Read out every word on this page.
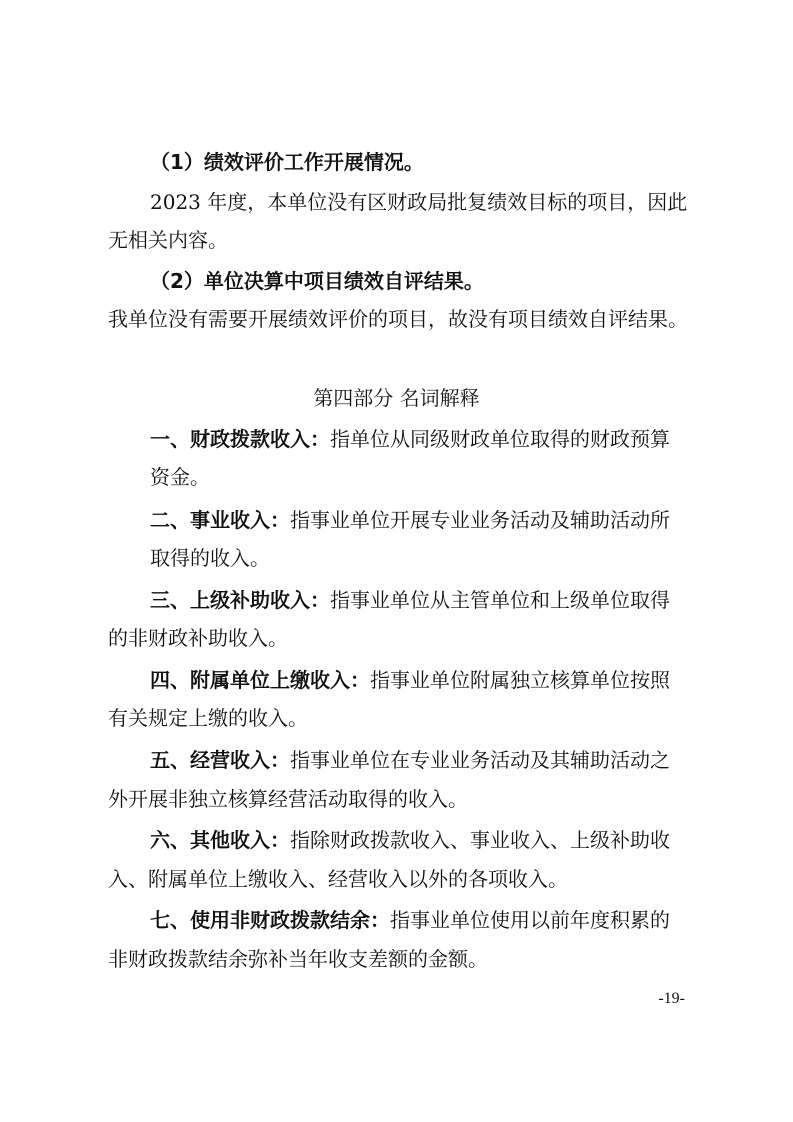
（1）绩效评价工作开展情况。
2023 年度，本单位没有区财政局批复绩效目标的项目，因此
无相关内容。
（2）单位决算中项目绩效自评结果。
我单位没有需要开展绩效评价的项目，故没有项目绩效自评结果。
第四部分 名词解释
一、财政拨款收入：指单位从同级财政单位取得的财政预算
资金。
二、事业收入：指事业单位开展专业业务活动及辅助活动所
取得的收入。
三、上级补助收入：指事业单位从主管单位和上级单位取得
的非财政补助收入。
四、附属单位上缴收入：指事业单位附属独立核算单位按照
有关规定上缴的收入。
五、经营收入：指事业单位在专业业务活动及其辅助活动之
外开展非独立核算经营活动取得的收入。
六、其他收入：指除财政拨款收入、事业收入、上级补助收
入、附属单位上缴收入、经营收入以外的各项收入。
七、使用非财政拨款结余：指事业单位使用以前年度积累的
非财政拨款结余弥补当年收支差额的金额。
-19-
